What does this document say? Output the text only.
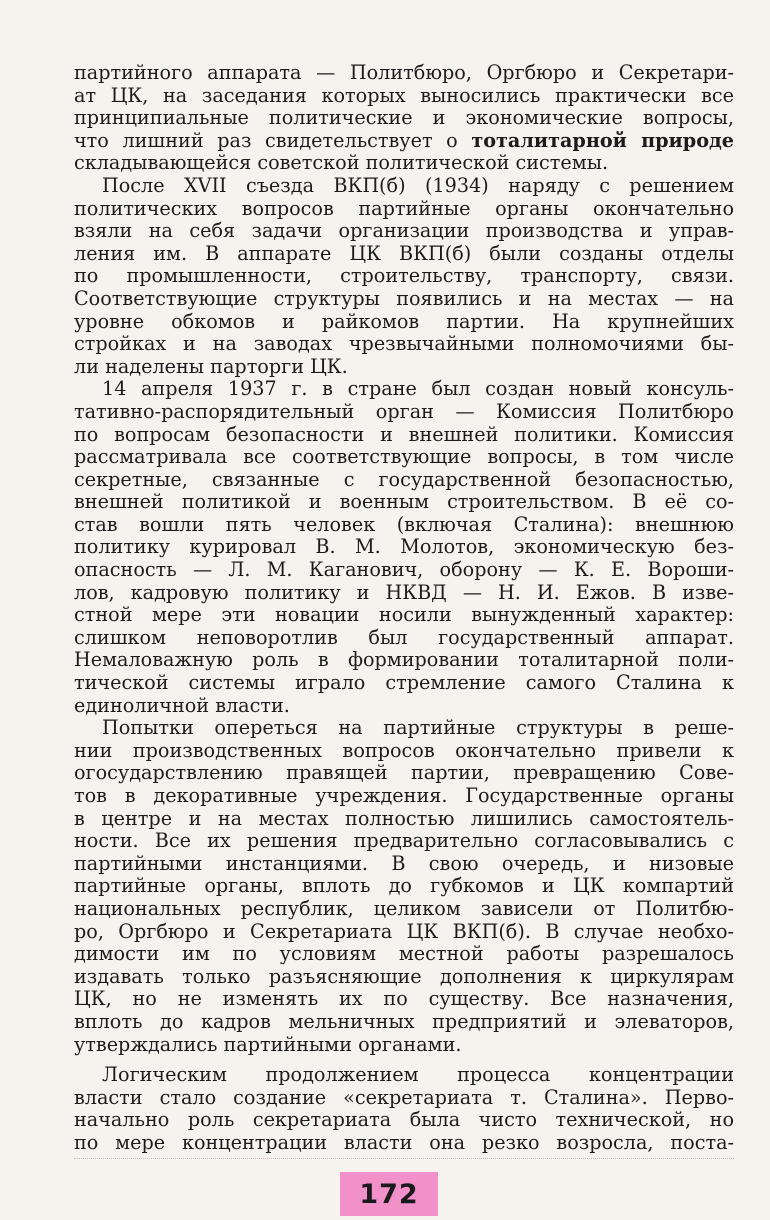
партийного аппарата — Политбюро, Оргбюро и Секретари-
ат ЦК, на заседания которых выносились практически все
принципиальные политические и экономические вопросы,
что лишний раз свидетельствует о тоталитарной природе
складывающейся советской политической системы.
После XVII съезда ВКП(б) (1934) наряду с решением
политических вопросов партийные органы окончательно
взяли на себя задачи организации производства и управ-
ления им. В аппарате ЦК ВКП(б) были созданы отделы
по промышленности, строительству, транспорту, связи.
Соответствующие структуры появились и на местах — на
уровне обкомов и райкомов партии. На крупнейших
стройках и на заводах чрезвычайными полномочиями бы-
ли наделены парторги ЦК.
14 апреля 1937 г. в стране был создан новый консуль-
тативно-распорядительный орган — Комиссия Политбюро
по вопросам безопасности и внешней политики. Комиссия
рассматривала все соответствующие вопросы, в том числе
секретные, связанные с государственной безопасностью,
внешней политикой и военным строительством. В её со-
став вошли пять человек (включая Сталина): внешнюю
политику курировал В. М. Молотов, экономическую без-
опасность — Л. М. Каганович, оборону — К. Е. Вороши-
лов, кадровую политику и НКВД — Н. И. Ежов. В изве-
стной мере эти новации носили вынужденный характер:
слишком неповоротлив был государственный аппарат.
Немаловажную роль в формировании тоталитарной поли-
тической системы играло стремление самого Сталина к
единоличной власти.
Попытки опереться на партийные структуры в реше-
нии производственных вопросов окончательно привели к
огосударствлению правящей партии, превращению Сове-
тов в декоративные учреждения. Государственные органы
в центре и на местах полностью лишились самостоятель-
ности. Все их решения предварительно согласовывались с
партийными инстанциями. В свою очередь, и низовые
партийные органы, вплоть до губкомов и ЦК компартий
национальных республик, целиком зависели от Политбю-
ро, Оргбюро и Секретариата ЦК ВКП(б). В случае необхо-
димости им по условиям местной работы разрешалось
издавать только разъясняющие дополнения к циркулярам
ЦК, но не изменять их по существу. Все назначения,
вплоть до кадров мельничных предприятий и элеваторов,
утверждались партийными органами.
Логическим продолжением процесса концентрации
власти стало создание «секретариата т. Сталина». Перво-
начально роль секретариата была чисто технической, но
по мере концентрации власти она резко возросла, поста-
172
